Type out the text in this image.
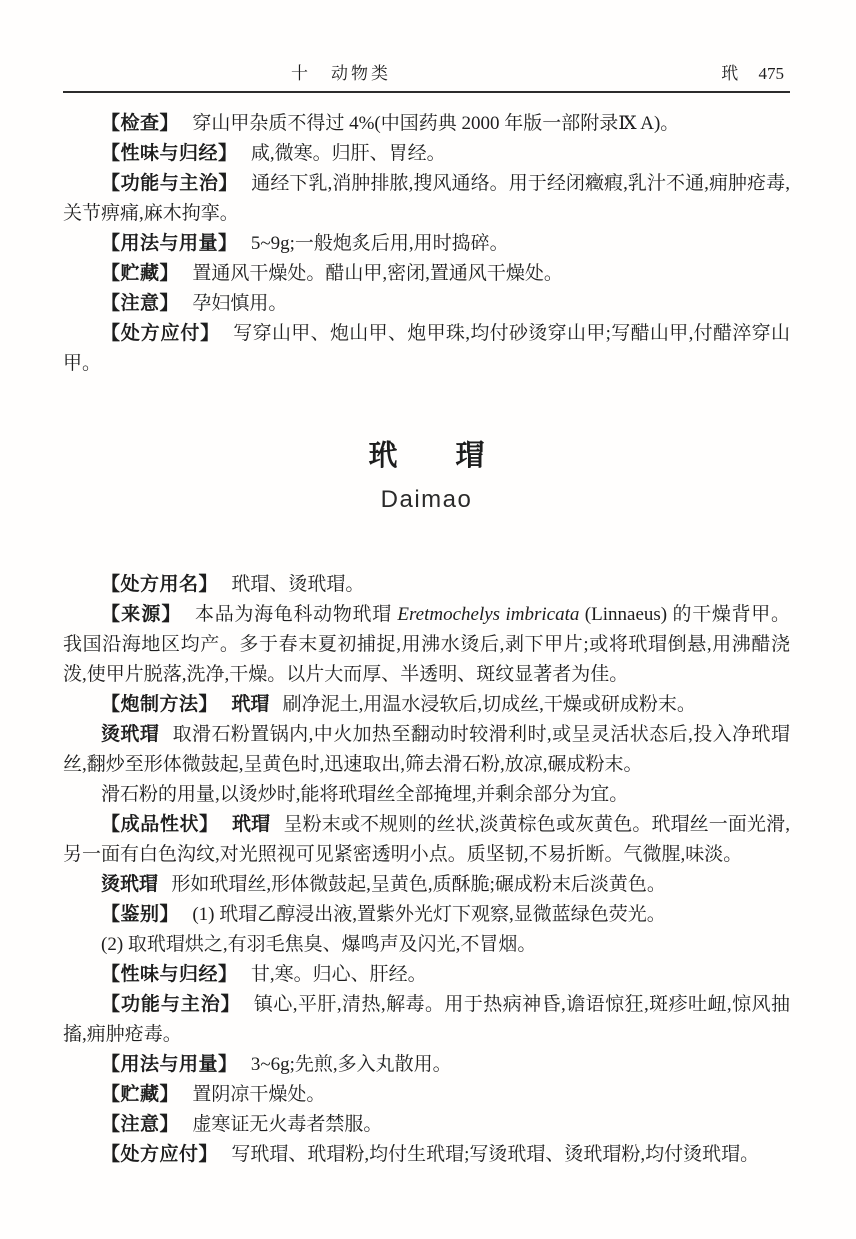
十　动物类	玳 475

【检查】 穿山甲杂质不得过 4%(中国药典 2000 年版一部附录Ⅸ A)。

【性味与归经】 咸,微寒。归肝、胃经。

【功能与主治】 通经下乳,消肿排脓,搜风通络。用于经闭癥瘕,乳汁不通,痈肿疮毒,关节痹痛,麻木拘挛。

【用法与用量】 5~9g;一般炮炙后用,用时捣碎。

【贮藏】 置通风干燥处。醋山甲,密闭,置通风干燥处。

【注意】 孕妇慎用。

【处方应付】 写穿山甲、炮山甲、炮甲珠,均付砂烫穿山甲;写醋山甲,付醋淬穿山甲。

玳　　瑁
Daimao

【处方用名】 玳瑁、烫玳瑁。

【来源】 本品为海龟科动物玳瑁 Eretmochelys imbricata (Linnaeus) 的干燥背甲。我国沿海地区均产。多于春末夏初捕捉,用沸水烫后,剥下甲片;或将玳瑁倒悬,用沸醋浇泼,使甲片脱落,洗净,干燥。以片大而厚、半透明、斑纹显著者为佳。

【炮制方法】 玳瑁 刷净泥土,用温水浸软后,切成丝,干燥或研成粉末。

烫玳瑁 取滑石粉置锅内,中火加热至翻动时较滑利时,或呈灵活状态后,投入净玳瑁丝,翻炒至形体微鼓起,呈黄色时,迅速取出,筛去滑石粉,放凉,碾成粉末。

滑石粉的用量,以烫炒时,能将玳瑁丝全部掩埋,并剩余部分为宜。

【成品性状】 玳瑁 呈粉末或不规则的丝状,淡黄棕色或灰黄色。玳瑁丝一面光滑,另一面有白色沟纹,对光照视可见紧密透明小点。质坚韧,不易折断。气微腥,味淡。

烫玳瑁 形如玳瑁丝,形体微鼓起,呈黄色,质酥脆;碾成粉末后淡黄色。

【鉴别】 (1) 玳瑁乙醇浸出液,置紫外光灯下观察,显微蓝绿色荧光。

(2) 取玳瑁烘之,有羽毛焦臭、爆鸣声及闪光,不冒烟。

【性味与归经】 甘,寒。归心、肝经。

【功能与主治】 镇心,平肝,清热,解毒。用于热病神昏,谵语惊狂,斑疹吐衄,惊风抽搐,痈肿疮毒。

【用法与用量】 3~6g;先煎,多入丸散用。

【贮藏】 置阴凉干燥处。

【注意】 虚寒证无火毒者禁服。

【处方应付】 写玳瑁、玳瑁粉,均付生玳瑁;写烫玳瑁、烫玳瑁粉,均付烫玳瑁。
